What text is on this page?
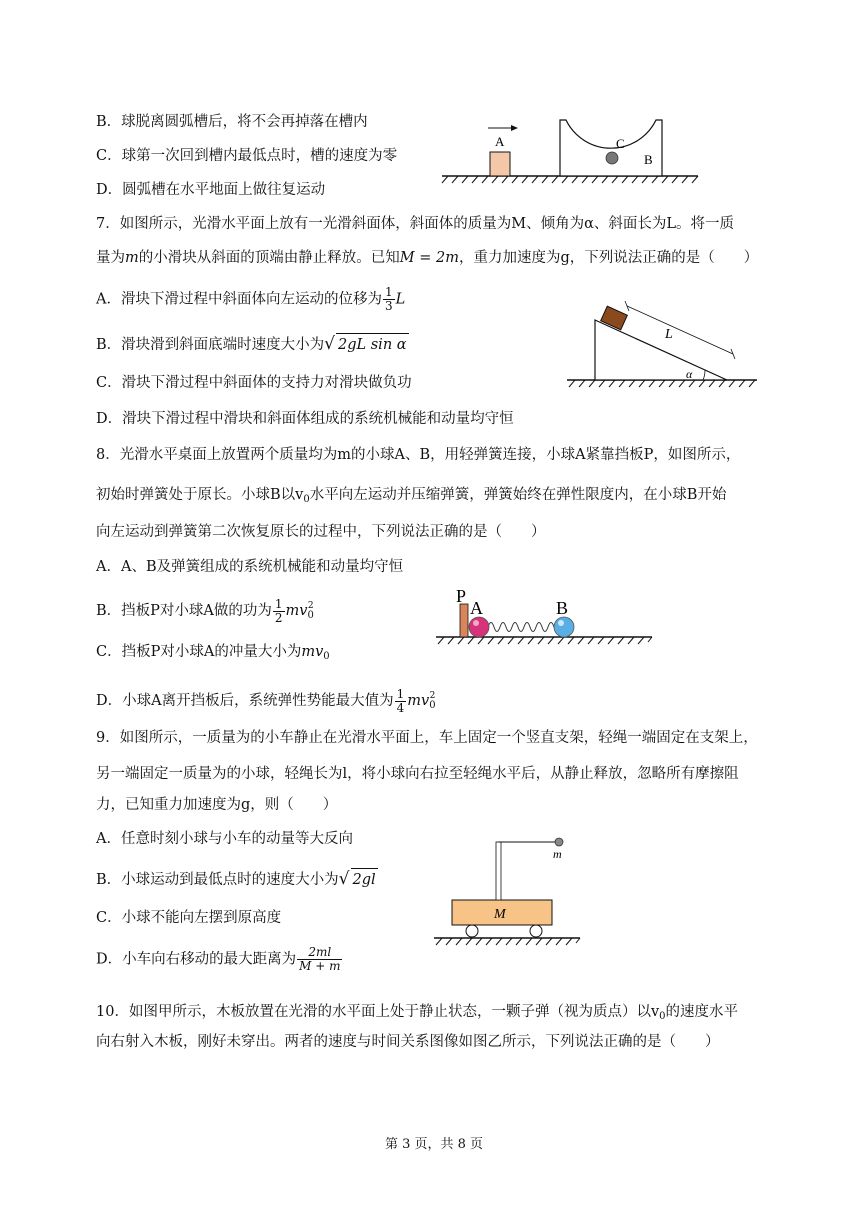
B．球脱离圆弧槽后，将不会再掉落在槽内
C．球第一次回到槽内最低点时，槽的速度为零
D．圆弧槽在水平地面上做往复运动
A	C
B
7．如图所示，光滑水平面上放有一光滑斜面体，斜面体的质量为M、倾角为α、斜面长为L。将一质
量为m的小滑块从斜面的顶端由静止释放。已知M = 2m，重力加速度为g，下列说法正确的是（　　）
A．滑块下滑过程中斜面体向左运动的位移为 $\frac{1}{3}$ L
B．滑块滑到斜面底端时速度大小为√ 2gL sin α
C．滑块下滑过程中斜面体的支持力对滑块做负功
D．滑块下滑过程中滑块和斜面体组成的系统机械能和动量均守恒
L
α
8．光滑水平桌面上放置两个质量均为m的小球A、B，用轻弹簧连接，小球A紧靠挡板P，如图所示，
初始时弹簧处于原长。小球B以$v_0$水平向左运动并压缩弹簧，弹簧始终在弹性限度内，在小球B开始
向左运动到弹簧第二次恢复原长的过程中，下列说法正确的是（　　）
A．A、B及弹簧组成的系统机械能和动量均守恒
B．挡板P对小球A做的功为 $\frac{1}{2} mv_0^2$
C．挡板P对小球A的冲量大小为$mv_0$
D．小球A离开挡板后，系统弹性势能最大值为 $\frac{1}{4} mv_0^2$
P
A	B
9．如图所示，一质量为的小车静止在光滑水平面上，车上固定一个竖直支架，轻绳一端固定在支架上，
另一端固定一质量为的小球，轻绳长为l，将小球向右拉至轻绳水平后，从静止释放，忽略所有摩擦阻
力，已知重力加速度为g，则（　　）
A．任意时刻小球与小车的动量等大反向
B．小球运动到最低点时的速度大小为√ 2gl
C．小球不能向左摆到原高度
D．小车向右移动的最大距离为 $\frac{2ml}{M + m}$
M
m
10．如图甲所示，木板放置在光滑的水平面上处于静止状态，一颗子弹（视为质点）以$v_0$的速度水平
向右射入木板，刚好未穿出。两者的速度与时间关系图像如图乙所示，下列说法正确的是（　　）
第 3 页，共 8 页
